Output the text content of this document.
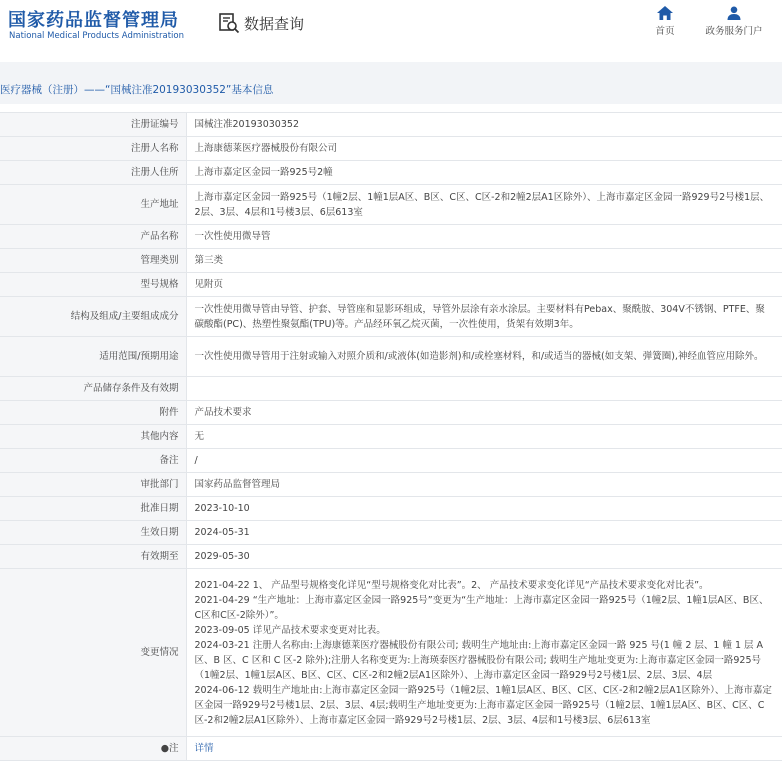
国家药品监督管理局
National Medical Products Administration
数据查询	首页	政务服务门户
医疗器械（注册）——“国械注准20193030352”基本信息
注册证编号	国械注准20193030352
注册人名称	上海康德莱医疗器械股份有限公司
注册人住所	上海市嘉定区金园一路925号2幢
生产地址	上海市嘉定区金园一路925号（1幢2层、1幢1层A区、B区、C区、C区-2和2幢2层A1区除外）、上海市嘉定区金园一路929号2号楼1层、2层、3层、4层和1号楼3层、6层613室
产品名称	一次性使用微导管
管理类别	第三类
型号规格	见附页
结构及组成/主要组成成分	一次性使用微导管由导管、护套、导管座和显影环组成，导管外层涂有亲水涂层。主要材料有Pebax、聚酰胺、304V不锈钢、PTFE、聚碳酸酯(PC)、热塑性聚氨酯(TPU)等。产品经环氧乙烷灭菌，一次性使用，货架有效期3年。
适用范围/预期用途	一次性使用微导管用于注射或输入对照介质和/或液体(如造影剂)和/或栓塞材料，和/或适当的器械(如支架、弹簧圈),神经血管应用除外。
产品储存条件及有效期	
附件	产品技术要求
其他内容	无
备注	/
审批部门	国家药品监督管理局
批准日期	2023-10-10
生效日期	2024-05-31
有效期至	2029-05-30
变更情况	2021-04-22 1、 产品型号规格变化详见“型号规格变化对比表”。2、 产品技术要求变化详见“产品技术要求变化对比表”。
2021-04-29 “生产地址：上海市嘉定区金园一路925号”变更为“生产地址：上海市嘉定区金园一路925号（1幢2层、1幢1层A区、B区、C区和C区-2除外）”。
2023-09-05 详见产品技术要求变更对比表。
2024-03-21 注册人名称由:上海康德莱医疗器械股份有限公司; 载明生产地址由:上海市嘉定区金园一路 925 号(1 幢 2 层、1 幢 1 层 A 区、B 区、C 区和 C 区-2 除外);注册人名称变更为:上海瑛泰医疗器械股份有限公司; 载明生产地址变更为:上海市嘉定区金园一路925号（1幢2层、1幢1层A区、B区、C区、C区-2和2幢2层A1区除外）、上海市嘉定区金园一路929号2号楼1层、2层、3层、4层
2024-06-12 载明生产地址由:上海市嘉定区金园一路925号（1幢2层、1幢1层A区、B区、C区、C区-2和2幢2层A1区除外）、上海市嘉定区金园一路929号2号楼1层、2层、3层、4层;载明生产地址变更为:上海市嘉定区金园一路925号（1幢2层、1幢1层A区、B区、C区、C区-2和2幢2层A1区除外）、上海市嘉定区金园一路929号2号楼1层、2层、3层、4层和1号楼3层、6层613室

●注	详情
